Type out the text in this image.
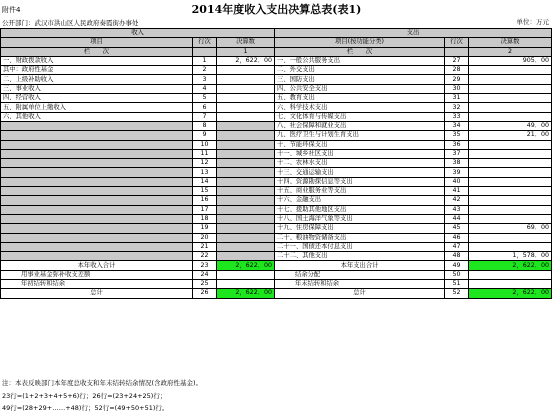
附件4	2014年度收入支出决算总表(表1)
公开部门：武汉市洪山区人民政府奏霞街办事处	单位：万元
收入			支出		
项目	行次	决算数	项目(按功能分类)	行次	决算数
栏　　次		1	栏　　次		2
一、财政拨款收入	1	2，622．00	一、一般公共服务支出	27	905．00
其中：政府性基金	2		二、外交支出	28	
二、上级补助收入	3		三、国防支出	29	
三、事业收入	4		四、公共安全支出	30	
四、经营收入	5		五、教育支出	31	
五、附属单位上缴收入	6		六、科学技术支出	32	
六、其他收入	7		七、文化体育与传媒支出	33	
	8		八、社会保障和就业支出	34	49．00
	9		九、医疗卫生与计划生育支出	35	21．00
	10		十、节能环保支出	36	
	11		十一、城乡社区支出	37	
	12		十二、农林水支出	38	
	13		十三、交通运输支出	39	
	14		十四、资源勘探信息等支出	40	
	15		十五、商业服务业等支出	41	
	16		十六、金融支出	42	
	17		十七、援助其他地区支出	43	
	18		十八、国土海洋气象等支出	44	
	19		十九、住房保障支出	45	69．00
	20		二十、粮油物资储备支出	46	
	21		二十一、国债还本付息支出	47	
	22		二十二、其他支出	48	1，578．00
本年收入合计	23	2，622．00	本年支出合计	49	2，622．00
用事业基金弥补收支差额	24		结余分配	50	
年初结转和结余	25		年末结转和结余	51	
总计	26	2，622．00	总计	52	2，622．00
注：本表反映部门本年度总收支和年末结转结余情况(含政府性基金)。
23行=(1+2+3+4+5+6)行；26行=(23+24+25)行；
49行=(28+29+……+48)行；52行=(49+50+51)行。
